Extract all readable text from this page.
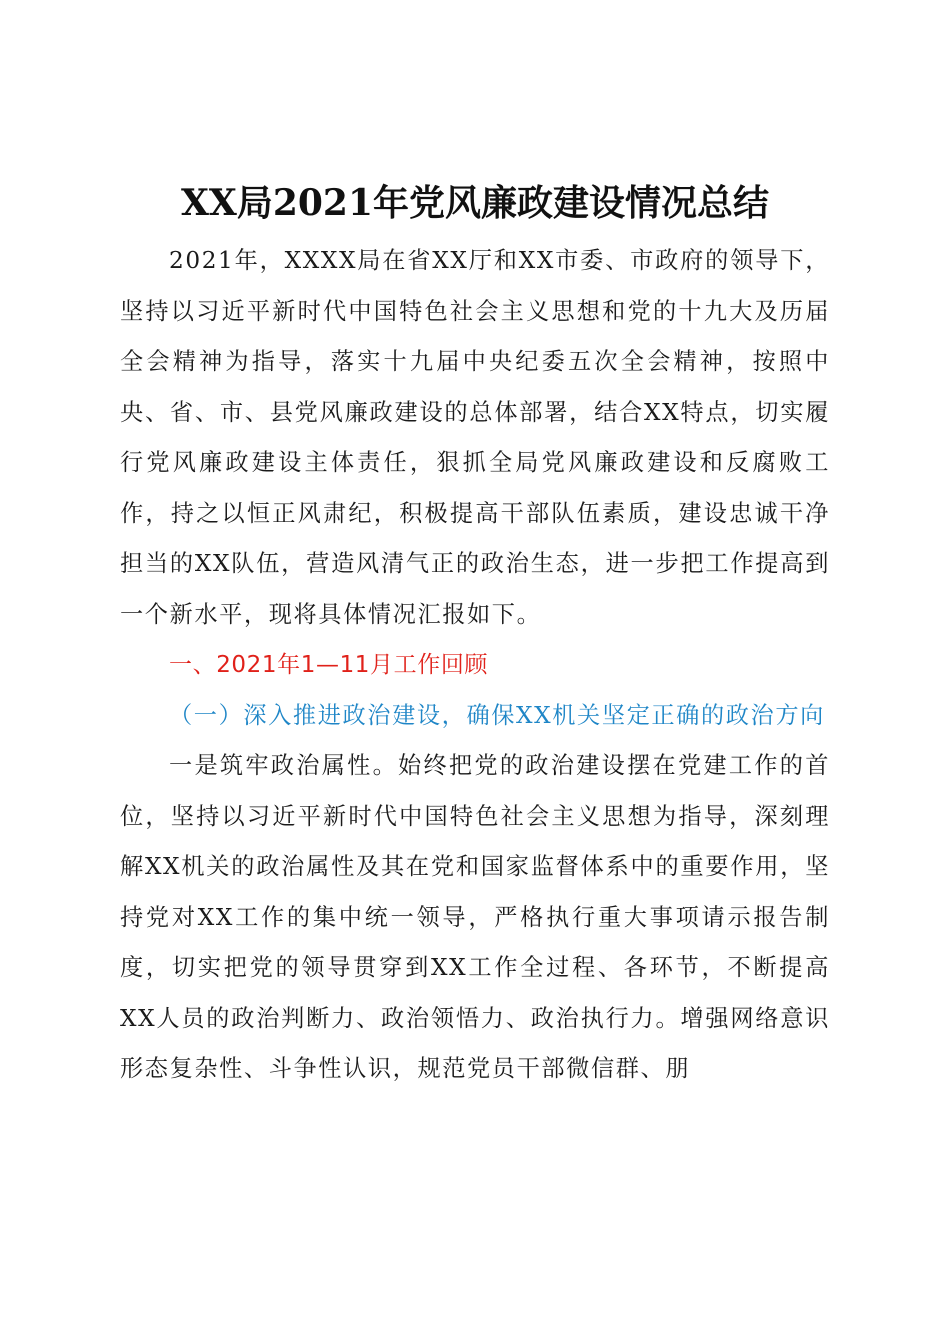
XX局2021年党风廉政建设情况总结

2021年，XXXX局在省XX厅和XX市委、市政府的领导下，坚持以习近平新时代中国特色社会主义思想和党的十九大及历届全会精神为指导，落实十九届中央纪委五次全会精神，按照中央、省、市、县党风廉政建设的总体部署，结合XX特点，切实履行党风廉政建设主体责任，狠抓全局党风廉政建设和反腐败工作，持之以恒正风肃纪，积极提高干部队伍素质，建设忠诚干净担当的XX队伍，营造风清气正的政治生态，进一步把工作提高到一个新水平，现将具体情况汇报如下。

一、2021年1—11月工作回顾

（一）深入推进政治建设，确保XX机关坚定正确的政治方向

一是筑牢政治属性。始终把党的政治建设摆在党建工作的首位，坚持以习近平新时代中国特色社会主义思想为指导，深刻理解XX机关的政治属性及其在党和国家监督体系中的重要作用，坚持党对XX工作的集中统一领导，严格执行重大事项请示报告制度，切实把党的领导贯穿到XX工作全过程、各环节，不断提高XX人员的政治判断力、政治领悟力、政治执行力。增强网络意识形态复杂性、斗争性认识，规范党员干部微信群、朋
